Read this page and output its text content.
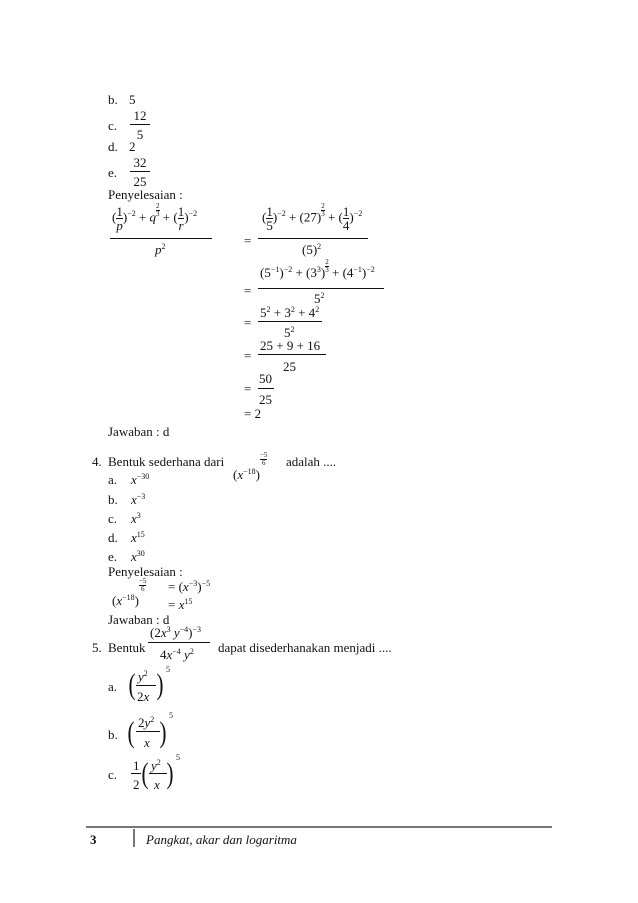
b. 5
c.
12
5
d. 2
e.
32
25
Penyelesaian :
( $\frac{1}{p} )^{-2} + q$ $^{\frac{2}{3}}$ + ( $\frac{1}{r} )^{-2}$
$p^2$	=
( $\frac{1}{5} )^{-2} + (27)$ $^{\frac{2}{3}}$ + ( $\frac{1}{4} )^{-2}$
$(5)^2$
=
$(5^{-1})^{-2} + (3^3) ^{\frac{2}{3}} + (4^{-1})^{-2}$
$5^2$
=
$5^2 + 3^2 + 4^2$
$5^2$
=
25 + 9 + 16
25
=
50
25
= 2
Jawaban : d
4. Bentuk sederhana dari
$(x^{-18})$
$\frac{-5}{6}$ adalah ....
a. $x^{-30}$
b. $x^{-3}$
c. $x^3$
d. $x^{15}$
e. $x^{30}$
Penyelesaian :
$(x^{-18})$
$\frac{-5}{6} = (x^{-3})^{-5}$
= $x^{15}$
Jawaban : d
5. Bentuk
($2x^3$ $y^{-4})^{-3}$
$4x^{-4}$ $y^2$ dapat disederhanakan menjadi ....
a. ( $y^2$
2x ) 5
b. ( $2y^2$
x )
5
c.
1
2 ( $y^2$
x ) 5
3	Pangkat, akar dan logaritma
